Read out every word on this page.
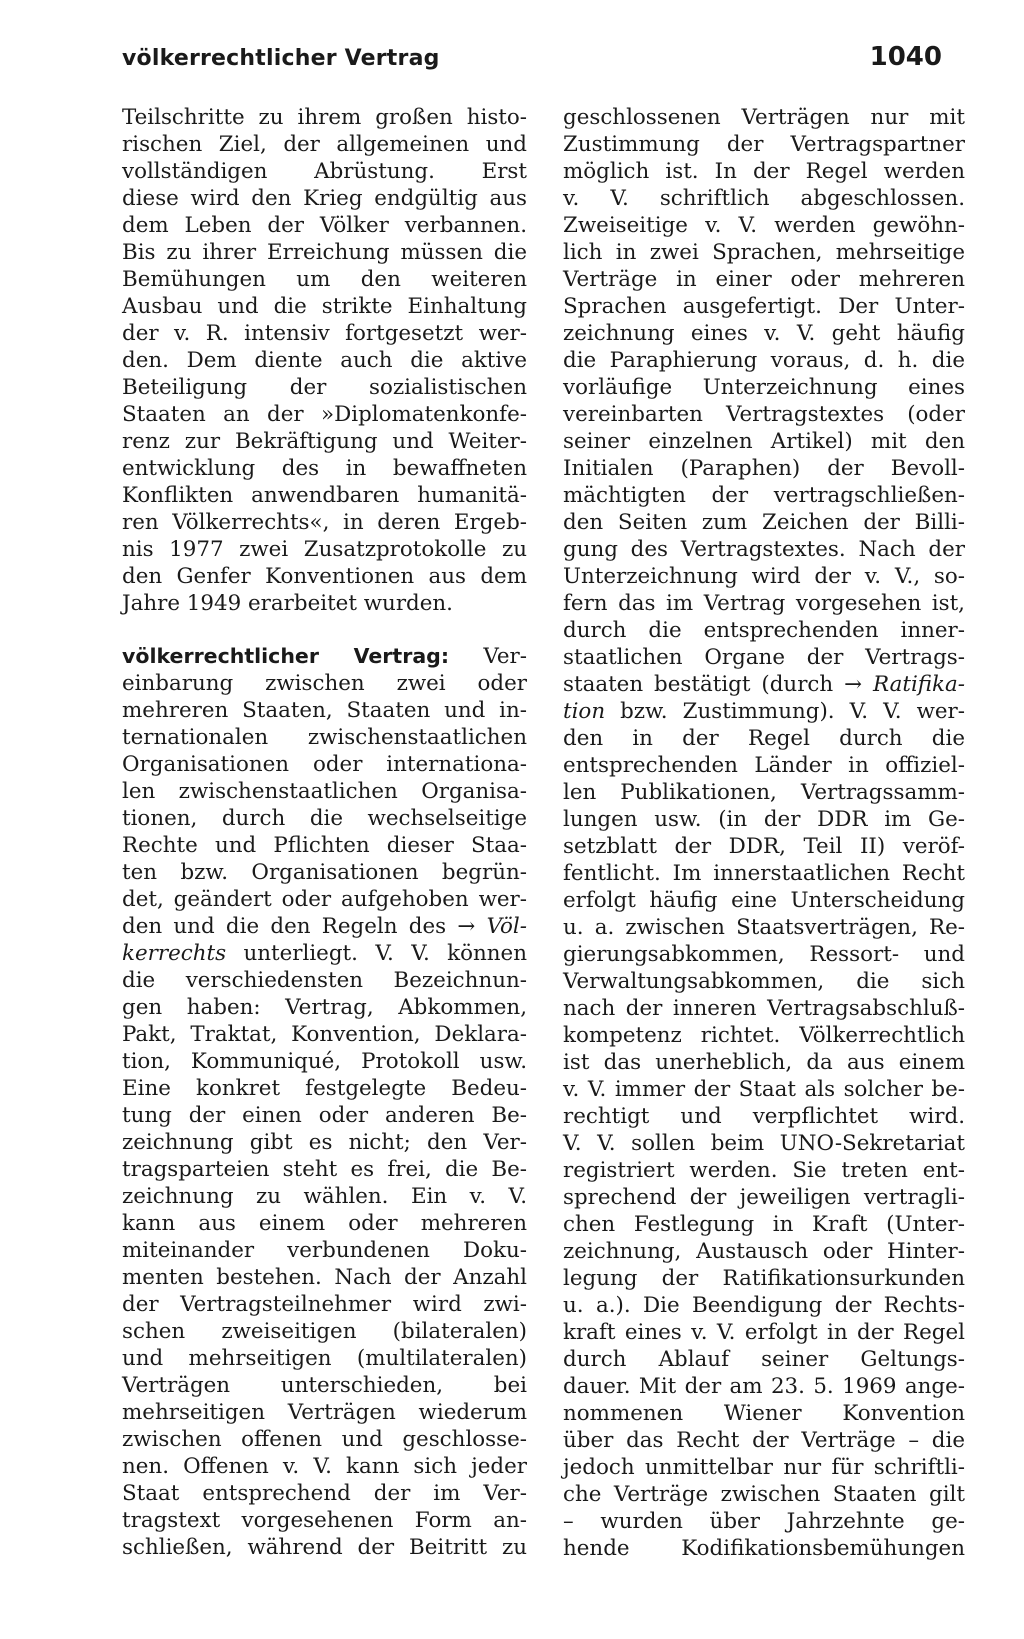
völkerrechtlicher Vertrag	1040
Teilschritte zu ihrem großen histo-
rischen Ziel, der allgemeinen und
vollständigen Abrüstung. Erst
diese wird den Krieg endgültig aus
dem Leben der Völker verbannen.
Bis zu ihrer Erreichung müssen die
Bemühungen um den weiteren
Ausbau und die strikte Einhaltung
der v. R. intensiv fortgesetzt wer-
den. Dem diente auch die aktive
Beteiligung der sozialistischen
Staaten an der »Diplomatenkonfe-
renz zur Bekräftigung und Weiter-
entwicklung des in bewaffneten
Konflikten anwendbaren humanitä-
ren Völkerrechts«, in deren Ergeb-
nis 1977 zwei Zusatzprotokolle zu
den Genfer Konventionen aus dem
Jahre 1949 erarbeitet wurden.
völkerrechtlicher Vertrag: Ver-
einbarung zwischen zwei oder
mehreren Staaten, Staaten und in-
ternationalen zwischenstaatlichen
Organisationen oder internationa-
len zwischenstaatlichen Organisa-
tionen, durch die wechselseitige
Rechte und Pflichten dieser Staa-
ten bzw. Organisationen begrün-
det, geändert oder aufgehoben wer-
den und die den Regeln des → Völ-
kerrechts unterliegt. V. V. können
die verschiedensten Bezeichnun-
gen haben: Vertrag, Abkommen,
Pakt, Traktat, Konvention, Deklara-
tion, Kommuniqué, Protokoll usw.
Eine konkret festgelegte Bedeu-
tung der einen oder anderen Be-
zeichnung gibt es nicht; den Ver-
tragsparteien steht es frei, die Be-
zeichnung zu wählen. Ein v. V.
kann aus einem oder mehreren
miteinander verbundenen Doku-
menten bestehen. Nach der Anzahl
der Vertragsteilnehmer wird zwi-
schen zweiseitigen (bilateralen)
und mehrseitigen (multilateralen)
Verträgen unterschieden, bei
mehrseitigen Verträgen wiederum
zwischen offenen und geschlosse-
nen. Offenen v. V. kann sich jeder
Staat entsprechend der im Ver-
tragstext vorgesehenen Form an-
schließen, während der Beitritt zu
geschlossenen Verträgen nur mit
Zustimmung der Vertragspartner
möglich ist. In der Regel werden
v. V. schriftlich abgeschlossen.
Zweiseitige v. V. werden gewöhn-
lich in zwei Sprachen, mehrseitige
Verträge in einer oder mehreren
Sprachen ausgefertigt. Der Unter-
zeichnung eines v. V. geht häufig
die Paraphierung voraus, d. h. die
vorläufige Unterzeichnung eines
vereinbarten Vertragstextes (oder
seiner einzelnen Artikel) mit den
Initialen (Paraphen) der Bevoll-
mächtigten der vertragschließen-
den Seiten zum Zeichen der Billi-
gung des Vertragstextes. Nach der
Unterzeichnung wird der v. V., so-
fern das im Vertrag vorgesehen ist,
durch die entsprechenden inner-
staatlichen Organe der Vertrags-
staaten bestätigt (durch → Ratifika-
tion bzw. Zustimmung). V. V. wer-
den in der Regel durch die
entsprechenden Länder in offiziel-
len Publikationen, Vertragssamm-
lungen usw. (in der DDR im Ge-
setzblatt der DDR, Teil II) veröf-
fentlicht. Im innerstaatlichen Recht
erfolgt häufig eine Unterscheidung
u. a. zwischen Staatsverträgen, Re-
gierungsabkommen, Ressort- und
Verwaltungsabkommen, die sich
nach der inneren Vertragsabschluß-
kompetenz richtet. Völkerrechtlich
ist das unerheblich, da aus einem
v. V. immer der Staat als solcher be-
rechtigt und verpflichtet wird.
V. V. sollen beim UNO-Sekretariat
registriert werden. Sie treten ent-
sprechend der jeweiligen vertragli-
chen Festlegung in Kraft (Unter-
zeichnung, Austausch oder Hinter-
legung der Ratifikationsurkunden
u. a.). Die Beendigung der Rechts-
kraft eines v. V. erfolgt in der Regel
durch Ablauf seiner Geltungs-
dauer. Mit der am 23. 5. 1969 ange-
nommenen Wiener Konvention
über das Recht der Verträge – die
jedoch unmittelbar nur für schriftli-
che Verträge zwischen Staaten gilt
– wurden über Jahrzehnte ge-
hende Kodifikationsbemühungen
